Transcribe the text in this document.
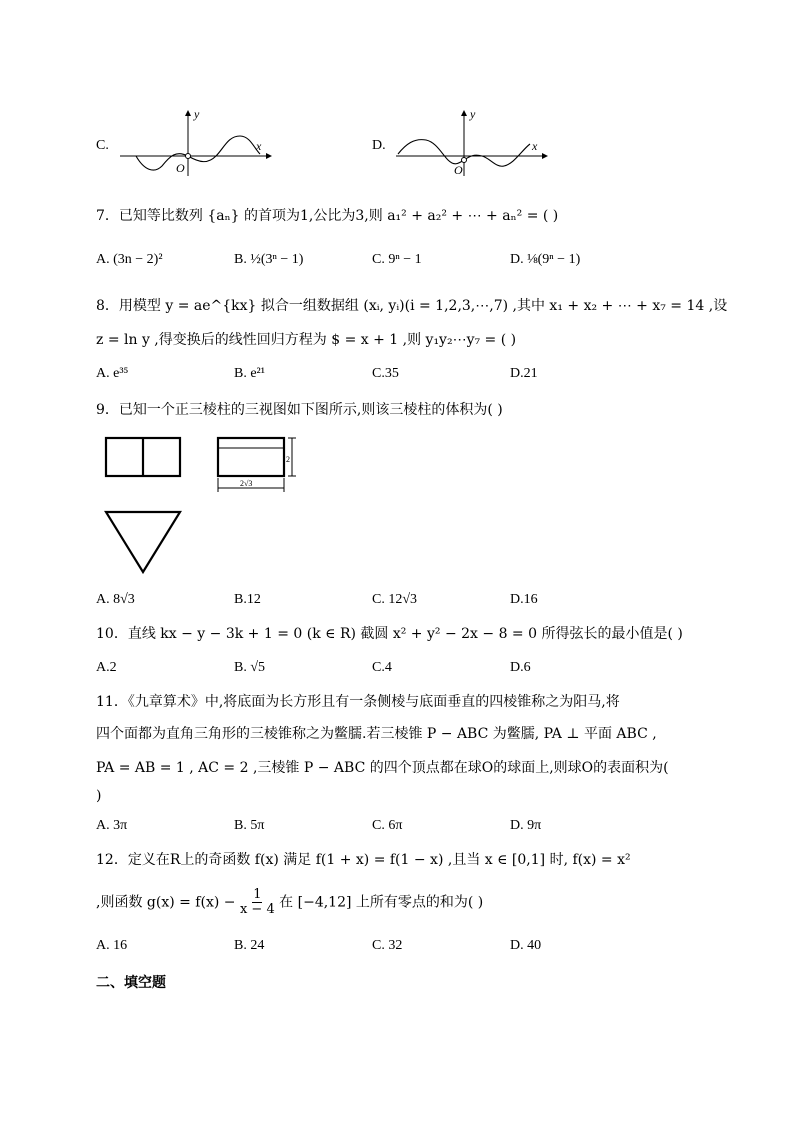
C.	x
y
O
D.	x
y
O
7．已知等比数列 {aₙ} 的首项为1,公比为3,则 a₁² + a₂² + ⋯ + aₙ² = ( )
A. (3n − 2)²	B. ½(3ⁿ − 1)	C. 9ⁿ − 1	D. ⅛(9ⁿ − 1)
8．用模型 y = ae^{kx} 拟合一组数据组 (xᵢ, yᵢ)(i = 1,2,3,⋯,7) ,其中 x₁ + x₂ + ⋯ + x₇ = 14 ,设
z = ln y ,得变换后的线性回归方程为 $ = x + 1 ,则 y₁y₂⋯y₇ = ( )
A. e³⁵	B. e²¹	C.35	D.21
9．已知一个正三棱柱的三视图如下图所示,则该三棱柱的体积为( )
2
2√3
A. 8√3	B.12	C. 12√3	D.16
10．直线 kx − y − 3k + 1 = 0 (k ∈ R) 截圆 x² + y² − 2x − 8 = 0 所得弦长的最小值是( )
A.2	B. √5	C.4	D.6
11．《九章算术》中,将底面为长方形且有一条侧棱与底面垂直的四棱锥称之为阳马,将
四个面都为直角三角形的三棱锥称之为鳖臑.若三棱锥 P − ABC 为鳖臑, PA ⊥ 平面 ABC ,
PA = AB = 1 , AC = 2 ,三棱锥 P − ABC 的四个顶点都在球O的球面上,则球O的表面积为(
)
A. 3π	B. 5π	C. 6π	D. 9π
12．定义在R上的奇函数 f(x) 满足 f(1 + x) = f(1 − x) ,且当 x ∈ [0,1] 时, f(x) = x²
,则函数 $g(x) = f(x) - \frac{1}{x - 4}$ 在 [−4,12] 上所有零点的和为( )
A. 16	B. 24	C. 32	D. 40
二、填空题
